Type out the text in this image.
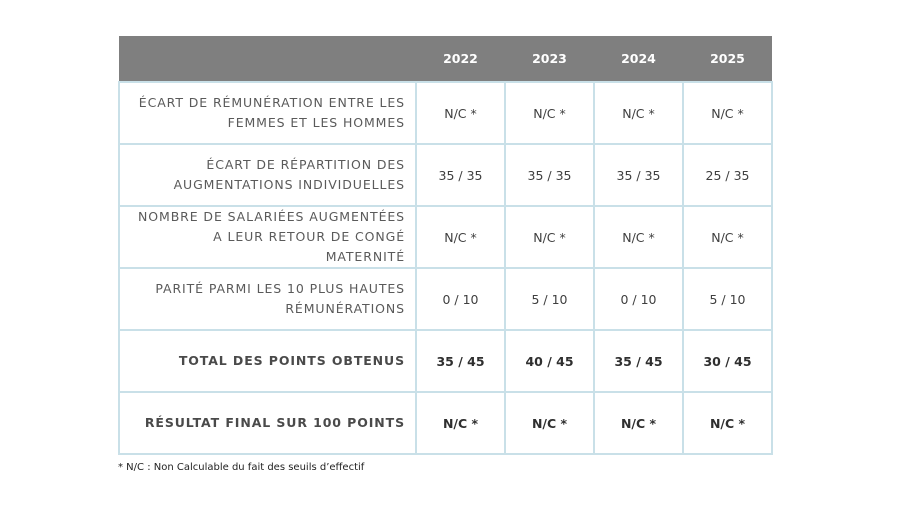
	2022	2023	2024	2025
ÉCART DE RÉMUNÉRATION ENTRE LES
FEMMES ET LES HOMMES	N/C *	N/C *	N/C *	N/C *
ÉCART DE RÉPARTITION DES
AUGMENTATIONS INDIVIDUELLES	35 / 35	35 / 35	35 / 35	25 / 35
NOMBRE DE SALARIÉES AUGMENTÉES
A LEUR RETOUR DE CONGÉ
MATERNITÉ	N/C *	N/C *	N/C *	N/C *
PARITÉ PARMI LES 10 PLUS HAUTES
RÉMUNÉRATIONS	0 / 10	5 / 10	0 / 10	5 / 10
TOTAL DES POINTS OBTENUS	35 / 45	40 / 45	35 / 45	30 / 45
RÉSULTAT FINAL SUR 100 POINTS	N/C *	N/C *	N/C *	N/C *
* N/C : Non Calculable du fait des seuils d’effectif
